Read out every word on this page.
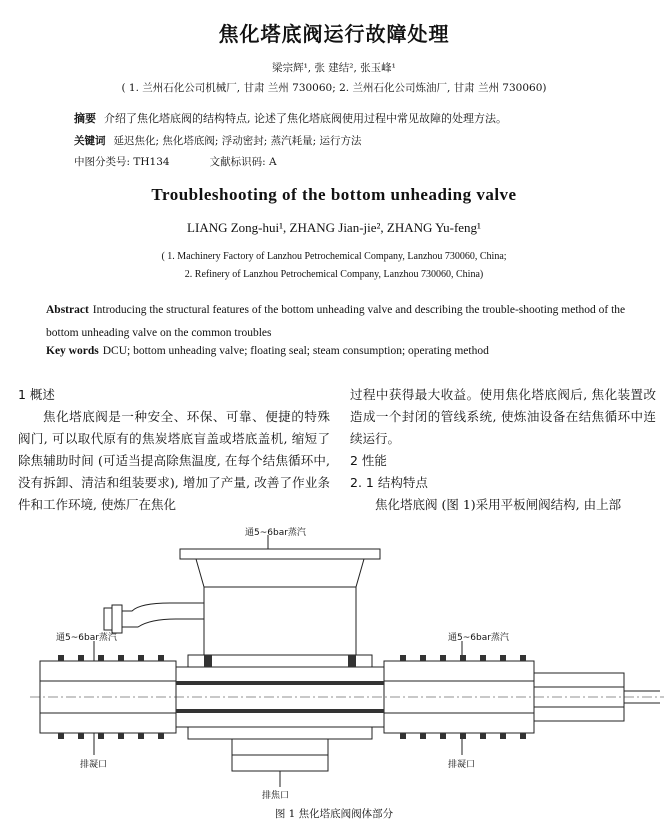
焦化塔底阀运行故障处理
梁宗辉¹, 张 建结², 张玉峰¹
( 1. 兰州石化公司机械厂, 甘肃 兰州 730060; 2. 兰州石化公司炼油厂, 甘肃 兰州 730060)
摘要 介绍了焦化塔底阀的结构特点, 论述了焦化塔底阀使用过程中常见故障的处理方法。
关键词 延迟焦化; 焦化塔底阀; 浮动密封; 蒸汽耗量; 运行方法
中图分类号: TH134	文献标识码: A
Troubleshooting of the bottom unheading valve
LIANG Zong-hui¹, ZHANG Jian-jie², ZHANG Yu-feng¹
( 1. Machinery Factory of Lanzhou Petrochemical Company, Lanzhou 730060, China;
2. Refinery of Lanzhou Petrochemical Company, Lanzhou 730060, China)
Abstract Introducing the structural features of the bottom unheading valve and describing the trouble-shooting method of the bottom unheading valve on the common troubles
Key words DCU; bottom unheading valve; floating seal; steam consumption; operating method

1 概述

焦化塔底阀是一种安全、环保、可靠、便捷的特殊阀门, 可以取代原有的焦炭塔底盲盖或塔底盖机, 缩短了除焦辅助时间 (可适当提高除焦温度, 在每个结焦循环中, 没有拆卸、清洁和组装要求), 增加了产量, 改善了作业条件和工作环境, 使炼厂在焦化

过程中获得最大收益。使用焦化塔底阀后, 焦化装置改造成一个封闭的管线系统, 使炼油设备在结焦循环中连续运行。

2 性能

2. 1 结构特点

焦化塔底阀 (图 1)采用平板闸阀结构, 由上部

通5~6bar蒸汽
通5~6bar蒸汽	通5~6bar蒸汽
排凝口	排凝口
排焦口
图 1 焦化塔底阀阀体部分
